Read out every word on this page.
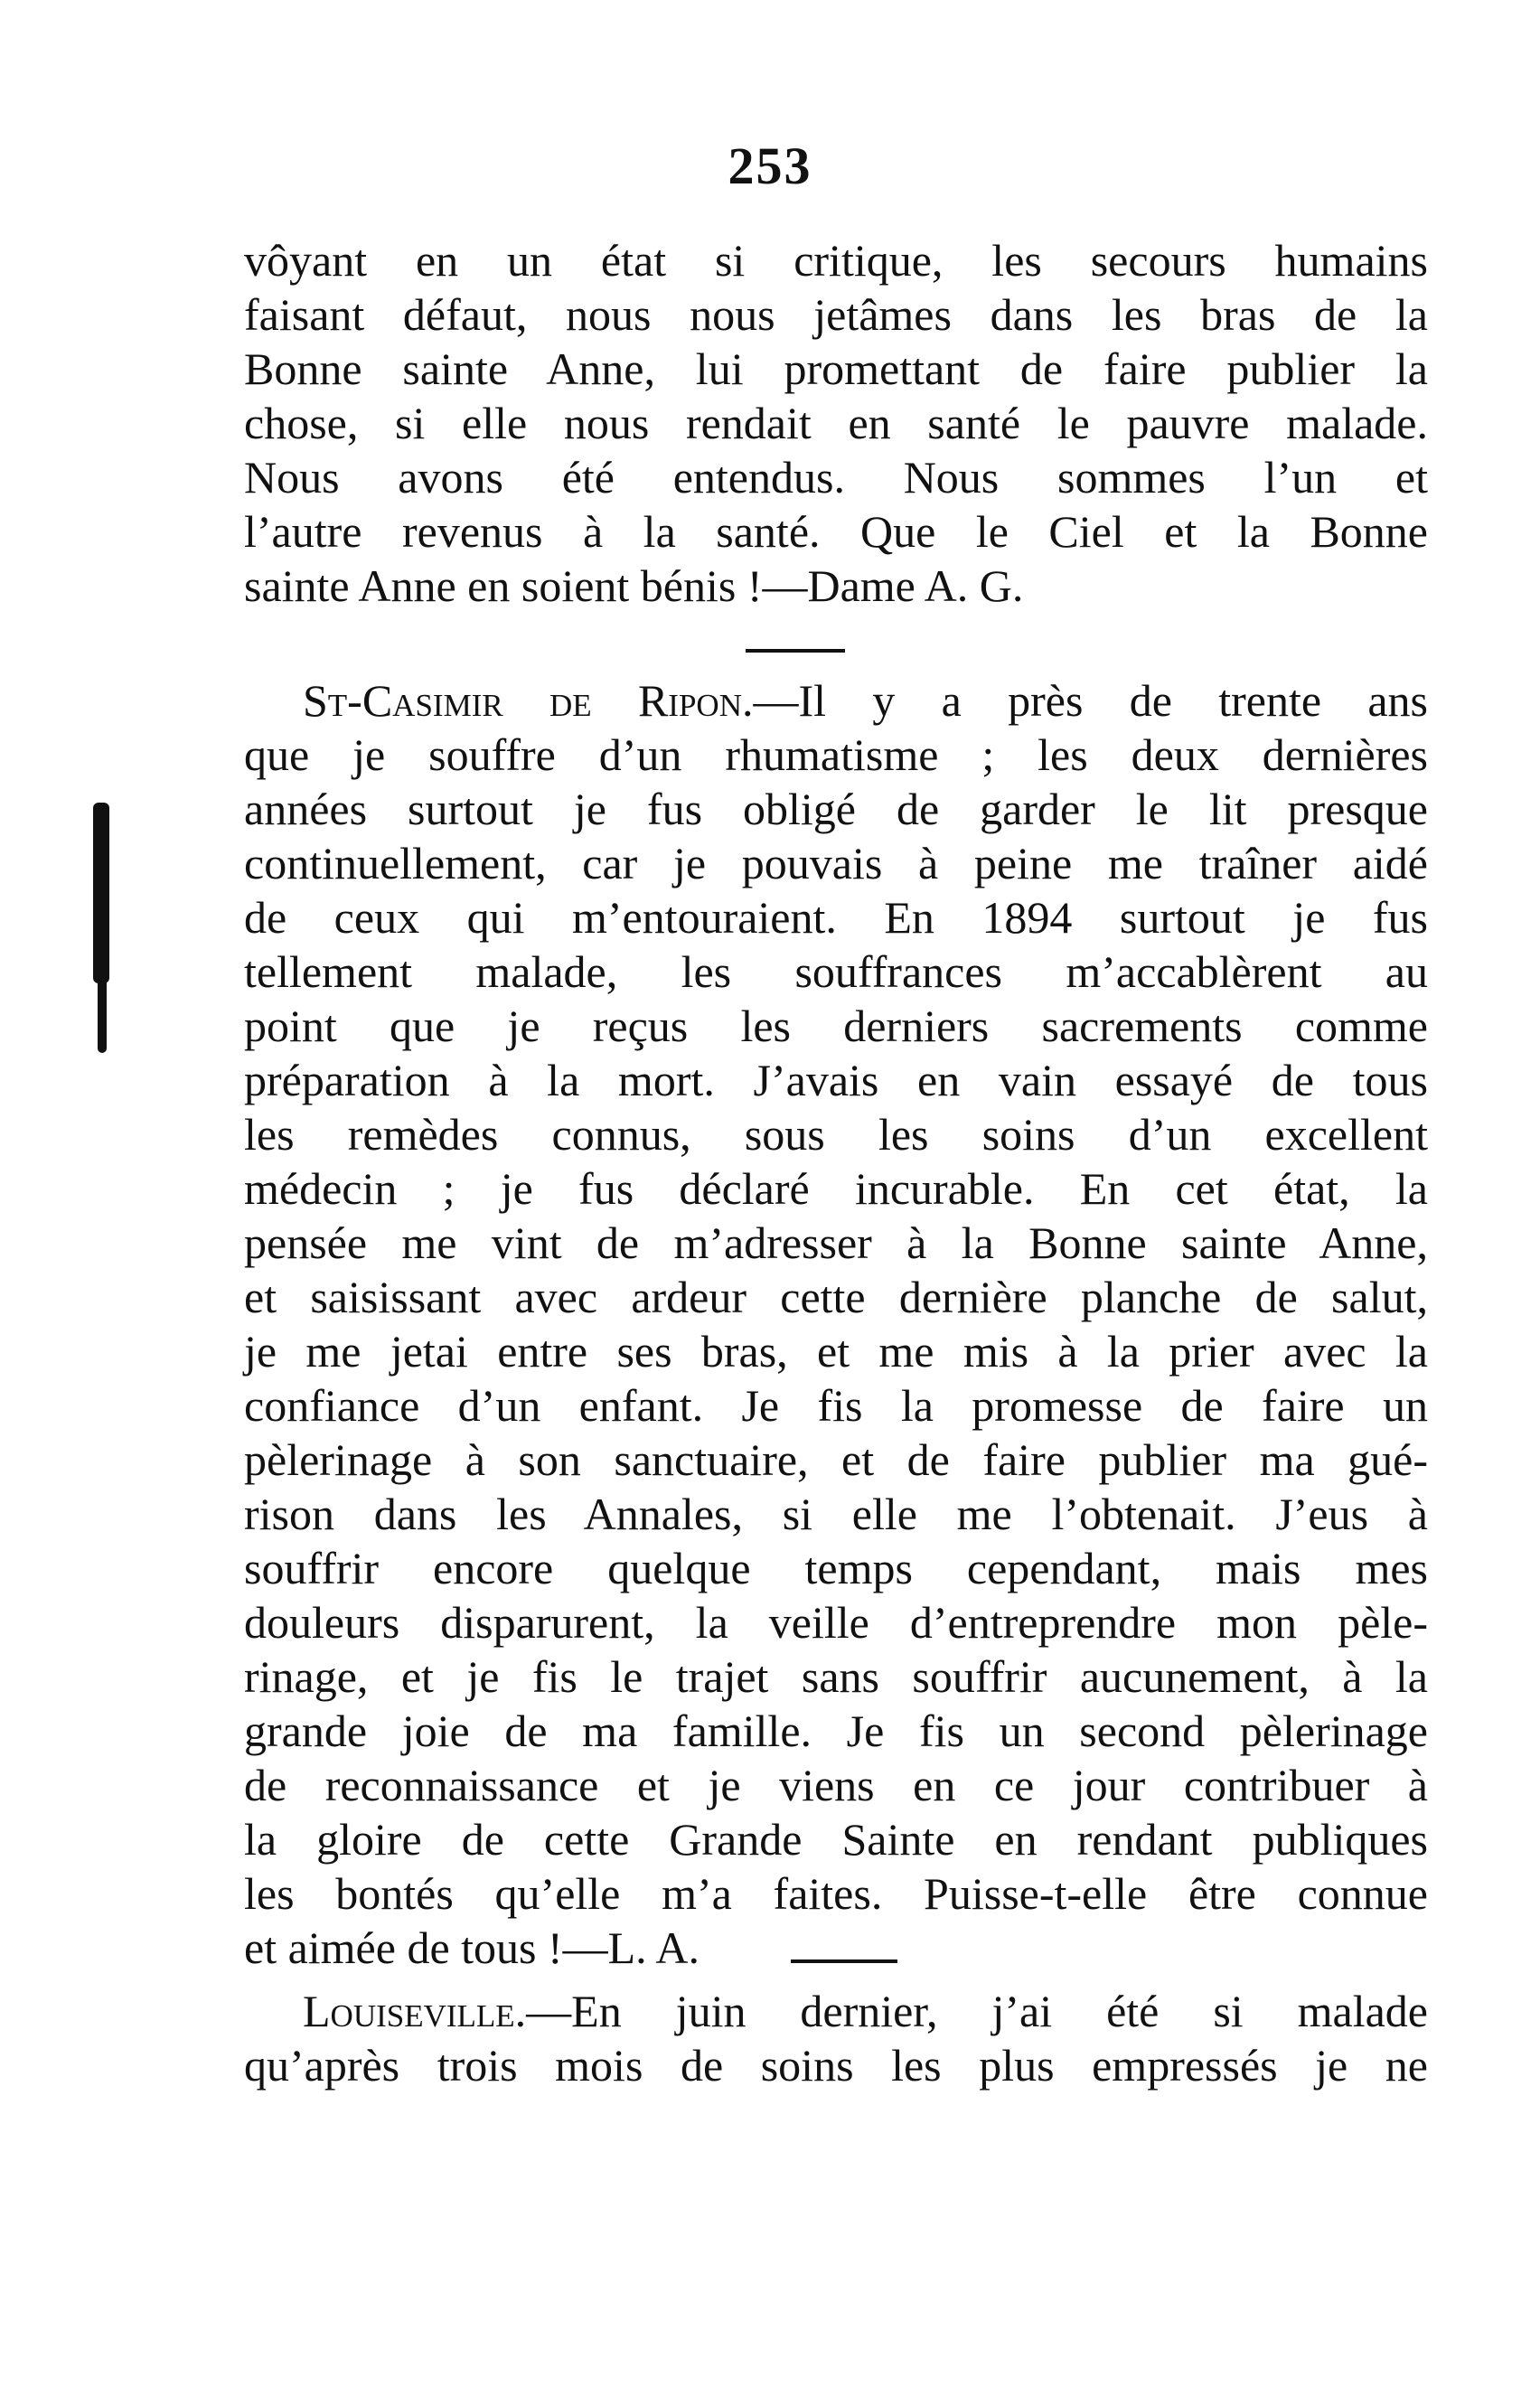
253
vôyant en un état si critique, les secours humains
faisant défaut, nous nous jetâmes dans les bras de la
Bonne sainte Anne, lui promettant de faire publier la
chose, si elle nous rendait en santé le pauvre malade.
Nous avons été entendus. Nous sommes l’un et
l’autre revenus à la santé. Que le Ciel et la Bonne
sainte Anne en soient bénis !—Dame A. G.
St-Casimir de Ripon.—Il y a près de trente ans
que je souffre d’un rhumatisme ; les deux dernières
années surtout je fus obligé de garder le lit presque
continuellement, car je pouvais à peine me traîner aidé
de ceux qui m’entouraient. En 1894 surtout je fus
tellement malade, les souffrances m’accablèrent au
point que je reçus les derniers sacrements comme
préparation à la mort. J’avais en vain essayé de tous
les remèdes connus, sous les soins d’un excellent
médecin ; je fus déclaré incurable. En cet état, la
pensée me vint de m’adresser à la Bonne sainte Anne,
et saisissant avec ardeur cette dernière planche de salut,
je me jetai entre ses bras, et me mis à la prier avec la
confiance d’un enfant. Je fis la promesse de faire un
pèlerinage à son sanctuaire, et de faire publier ma gué-
rison dans les Annales, si elle me l’obtenait. J’eus à
souffrir encore quelque temps cependant, mais mes
douleurs disparurent, la veille d’entreprendre mon pèle-
rinage, et je fis le trajet sans souffrir aucunement, à la
grande joie de ma famille. Je fis un second pèlerinage
de reconnaissance et je viens en ce jour contribuer à
la gloire de cette Grande Sainte en rendant publiques
les bontés qu’elle m’a faites. Puisse-t-elle être connue
et aimée de tous !—L. A.
Louiseville.—En juin dernier, j’ai été si malade
qu’après trois mois de soins les plus empressés je ne
